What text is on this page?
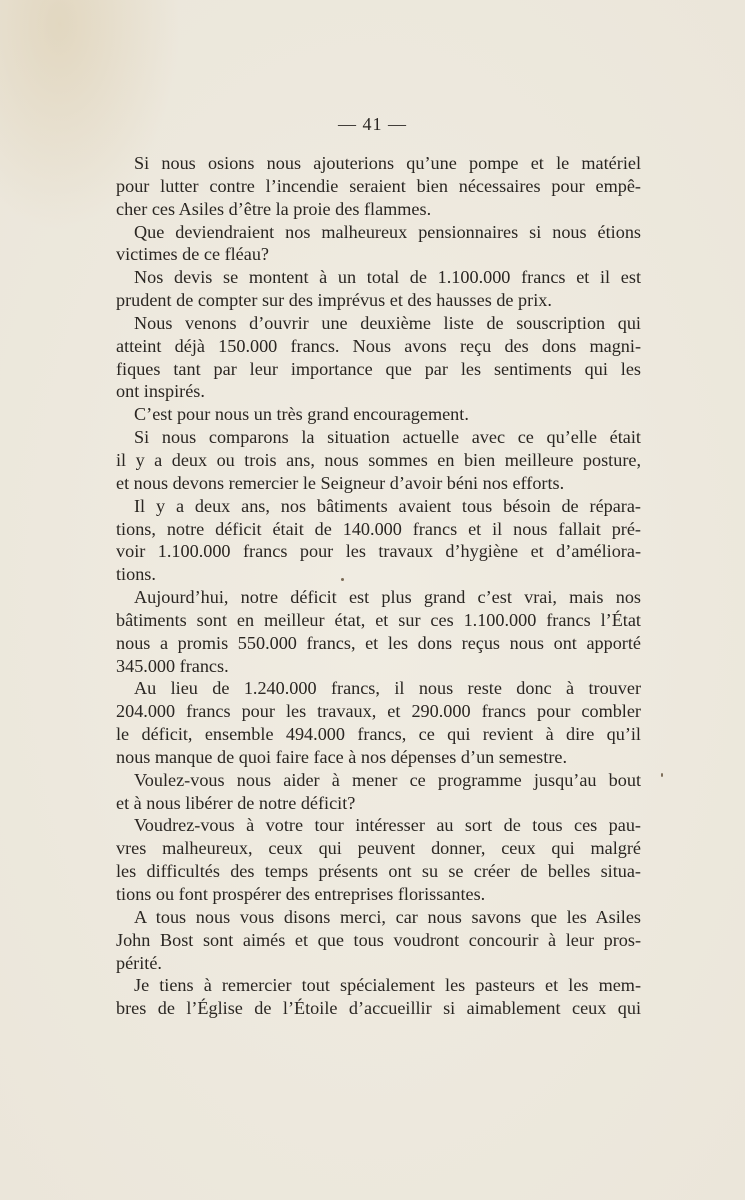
— 41 —
Si nous osions nous ajouterions qu’une pompe et le matériel
pour lutter contre l’incendie seraient bien nécessaires pour empê-
cher ces Asiles d’être la proie des flammes.
Que deviendraient nos malheureux pensionnaires si nous étions
victimes de ce fléau?
Nos devis se montent à un total de 1.100.000 francs et il est
prudent de compter sur des imprévus et des hausses de prix.
Nous venons d’ouvrir une deuxième liste de souscription qui
atteint déjà 150.000 francs. Nous avons reçu des dons magni-
fiques tant par leur importance que par les sentiments qui les
ont inspirés.
C’est pour nous un très grand encouragement.
Si nous comparons la situation actuelle avec ce qu’elle était
il y a deux ou trois ans, nous sommes en bien meilleure posture,
et nous devons remercier le Seigneur d’avoir béni nos efforts.
Il y a deux ans, nos bâtiments avaient tous bésoin de répara-
tions, notre déficit était de 140.000 francs et il nous fallait pré-
voir 1.100.000 francs pour les travaux d’hygiène et d’améliora-
tions.
Aujourd’hui, notre déficit est plus grand c’est vrai, mais nos
bâtiments sont en meilleur état, et sur ces 1.100.000 francs l’État
nous a promis 550.000 francs, et les dons reçus nous ont apporté
345.000 francs.
Au lieu de 1.240.000 francs, il nous reste donc à trouver
204.000 francs pour les travaux, et 290.000 francs pour combler
le déficit, ensemble 494.000 francs, ce qui revient à dire qu’il
nous manque de quoi faire face à nos dépenses d’un semestre.
Voulez-vous nous aider à mener ce programme jusqu’au bout
et à nous libérer de notre déficit?
Voudrez-vous à votre tour intéresser au sort de tous ces pau-
vres malheureux, ceux qui peuvent donner, ceux qui malgré
les difficultés des temps présents ont su se créer de belles situa-
tions ou font prospérer des entreprises florissantes.
A tous nous vous disons merci, car nous savons que les Asiles
John Bost sont aimés et que tous voudront concourir à leur pros-
périté.
Je tiens à remercier tout spécialement les pasteurs et les mem-
bres de l’Église de l’Étoile d’accueillir si aimablement ceux qui
